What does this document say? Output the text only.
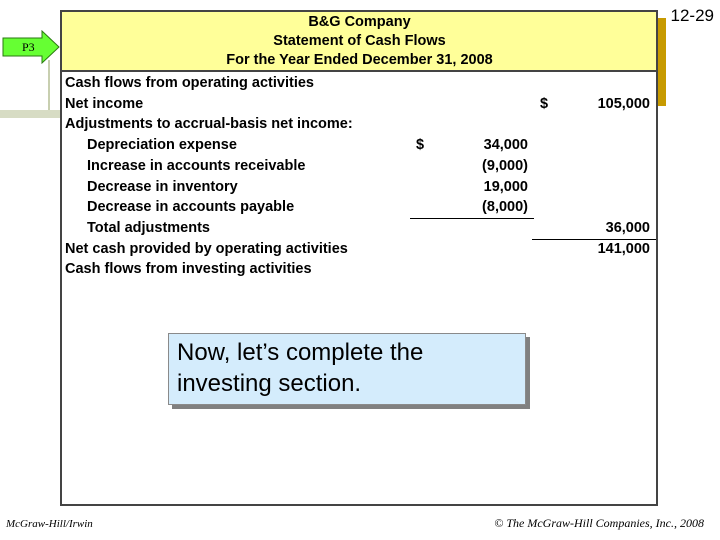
12-29
P3
B&G Company
Statement of Cash Flows
For the Year Ended December 31, 2008
Cash flows from operating activities
Net income	$	105,000
Adjustments to accrual-basis net income:
Depreciation expense	$	34,000
Increase in accounts receivable	(9,000)
Decrease in inventory	19,000
Decrease in accounts payable	(8,000)
Total adjustments	36,000
Net cash provided by operating activities	141,000
Cash flows from investing activities
Now, let’s complete the
investing section.
McGraw-Hill/Irwin	© The McGraw-Hill Companies, Inc., 2008
